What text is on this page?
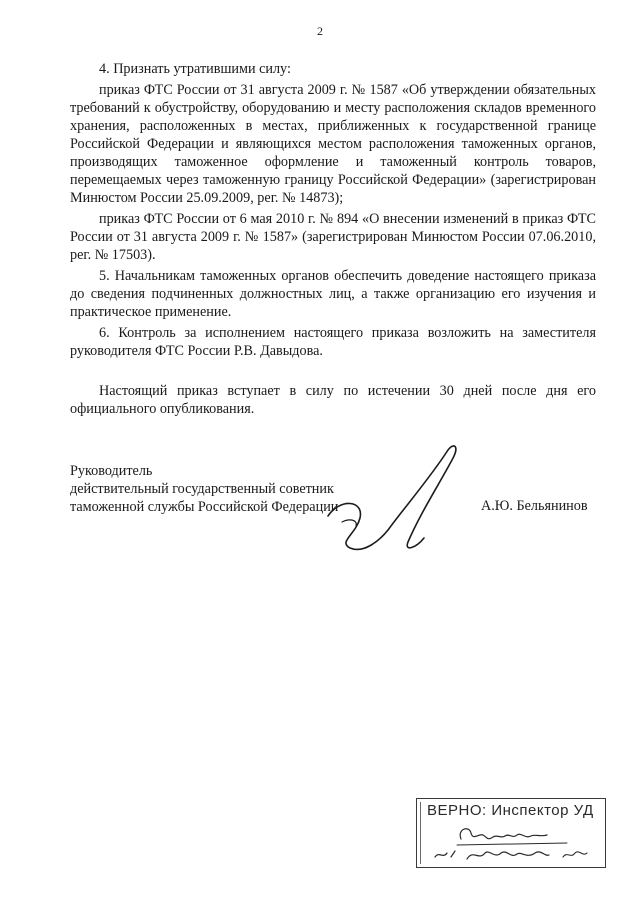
2

4. Признать утратившими силу:

приказ ФТС России от 31 августа 2009 г. № 1587 «Об утверждении обязательных требований к обустройству, оборудованию и месту расположения складов временного хранения, расположенных в местах, приближенных к государственной границе Российской Федерации и являющихся местом расположения таможенных органов, производящих таможенное оформление и таможенный контроль товаров, перемещаемых через таможенную границу Российской Федерации» (зарегистрирован Минюстом России 25.09.2009, рег. № 14873);

приказ ФТС России от 6 мая 2010 г. № 894 «О внесении изменений в приказ ФТС России от 31 августа 2009 г. № 1587» (зарегистрирован Минюстом России 07.06.2010, рег. № 17503).

5. Начальникам таможенных органов обеспечить доведение настоящего приказа до сведения подчиненных должностных лиц, а также организацию его изучения и практическое применение.

6. Контроль за исполнением настоящего приказа возложить на заместителя руководителя ФТС России Р.В. Давыдова.

Настоящий приказ вступает в силу по истечении 30 дней после дня его официального опубликования.

Руководитель
действительный государственный советник
таможенной службы Российской Федерации	А.Ю. Бельянинов
ВЕРНО: Инспектор УД
